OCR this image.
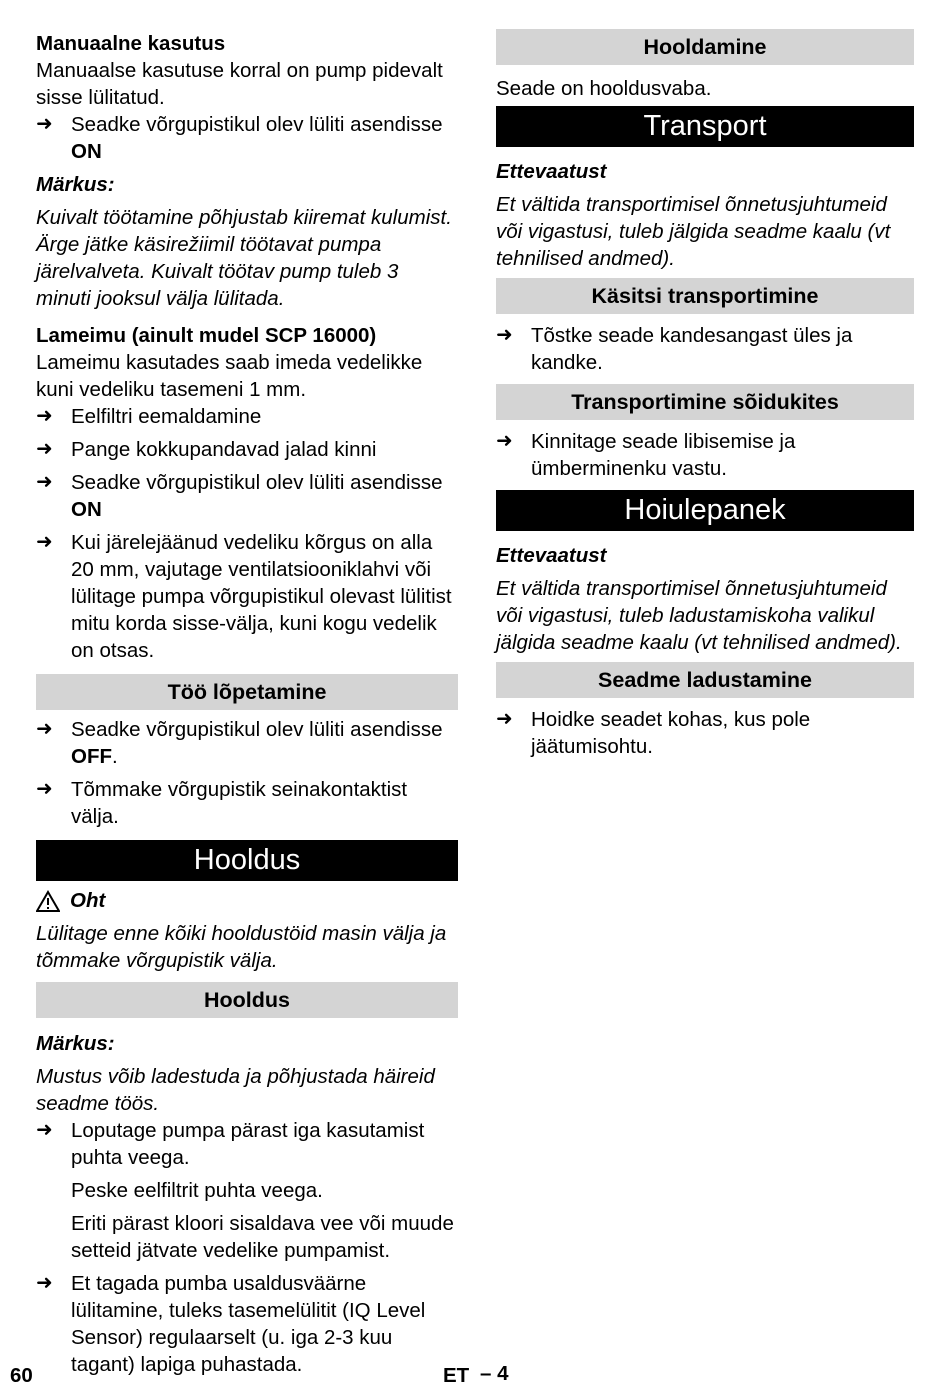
Manuaalne kasutus

Manuaalse kasutuse korral on pump pidevalt sisse lülitatud.

➜ Seadke võrgupistikul olev lüliti asendisse ON

Märkus:

Kuivalt töötamine põhjustab kiiremat kulumist. Ärge jätke käsirežiimil töötavat pumpa järelvalveta. Kuivalt töötav pump tuleb 3 minuti jooksul välja lülitada.

Lameimu (ainult mudel SCP 16000)

Lameimu kasutades saab imeda vedelikke kuni vedeliku tasemeni 1 mm.

➜ Eelfiltri eemaldamine
➜ Pange kokkupandavad jalad kinni
➜ Seadke võrgupistikul olev lüliti asendisse
ON
➜ Kui järelejäänud vedeliku kõrgus on alla 20 mm, vajutage ventilatsiooniklahvi või lülitage pumpa võrgupistikul olevast lülitist mitu korda sisse-välja, kuni kogu vedelik on otsas.
Töö lõpetamine
➜ Seadke võrgupistikul olev lüliti asendisse OFF.
➜ Tõmmake võrgupistik seinakontaktist välja.
Hooldus
Oht

Lülitage enne kõiki hooldustöid masin välja ja tõmmake võrgupistik välja.

Hooldus

Märkus:

Mustus võib ladestuda ja põhjustada häireid seadme töös.

➜ Loputage pumpa pärast iga kasutamist puhta veega.

Peske eelfiltrit puhta veega.

Eriti pärast kloori sisaldava vee või muude setteid jätvate vedelike pumpamist.

➜ Et tagada pumba usaldusväärne lülitamine, tuleks tasemelülitit (IQ Level Sensor) regulaarselt (u. iga 2-3 kuu tagant) lapiga puhastada.
Hooldamine

Seade on hooldusvaba.

Transport

Ettevaatust

Et vältida transportimisel õnnetusjuhtumeid või vigastusi, tuleb jälgida seadme kaalu (vt tehnilised andmed).

Käsitsi transportimine
➜ Tõstke seade kandesangast üles ja kandke.
Transportimine sõidukites
➜ Kinnitage seade libisemise ja ümberminenku vastu.
Hoiulepanek

Ettevaatust

Et vältida transportimisel õnnetusjuhtumeid või vigastusi, tuleb ladustamiskoha valikul jälgida seadme kaalu (vt tehnilised andmed).

Seadme ladustamine
➜ Hoidke seadet kohas, kus pole jäätumisohtu.
60	ET – 4
